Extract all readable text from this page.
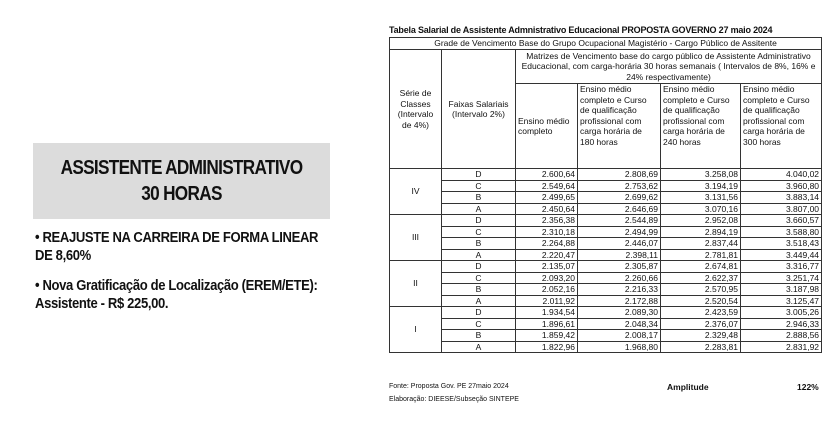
ASSISTENTE ADMINISTRATIVO
30 HORAS
• REAJUSTE NA CARREIRA DE FORMA LINEAR DE 8,60%
• Nova Gratificação de Localização (EREM/ETE): Assistente - R$ 225,00.
Tabela Salarial de Assistente Admnistrativo Educacional PROPOSTA GOVERNO 27 maio 2024
Grade de Vencimento Base do Grupo Ocupacional Magistério - Cargo Público de Assitente					
Série de Classes (Intervalo de 4%)	Faixas Salariais (Intervalo 2%)	Matrizes de Vencimento base do cargo público de Assistente Administrativo Educacional, com carga-horária 30 horas semanais ( Intervalos de 8%, 16% e 24% respectivamente)			
		Ensino médio completo	Ensino médio completo e Curso de qualificação profissional com carga horária de 180 horas	Ensino médio completo e Curso de qualificação profissional com carga horária de 240 horas	Ensino médio completo e Curso de qualificação profissional com carga horária de 300 horas
IV	D	2.600,64	2.808,69	3.258,08	4.040,02
	C	2.549,64	2.753,62	3.194,19	3.960,80
	B	2.499,65	2.699,62	3.131,56	3.883,14
	A	2.450,64	2.646,69	3.070,16	3.807,00
III	D	2.356,38	2.544,89	2.952,08	3.660,57
	C	2.310,18	2.494,99	2.894,19	3.588,80
	B	2.264,88	2.446,07	2.837,44	3.518,43
	A	2.220,47	2.398,11	2.781,81	3.449,44
II	D	2.135,07	2.305,87	2.674,81	3.316,77
	C	2.093,20	2.260,66	2.622,37	3.251,74
	B	2.052,16	2.216,33	2.570,95	3.187,98
	A	2.011,92	2.172,88	2.520,54	3.125,47
I	D	1.934,54	2.089,30	2.423,59	3.005,26
	C	1.896,61	2.048,34	2.376,07	2.946,33
	B	1.859,42	2.008,17	2.329,48	2.888,56
	A	1.822,96	1.968,80	2.283,81	2.831,92
Fonte: Proposta Gov. PE 27maio 2024
Elaboração: DIEESE/Subseção SINTEPE
Amplitude	122%
